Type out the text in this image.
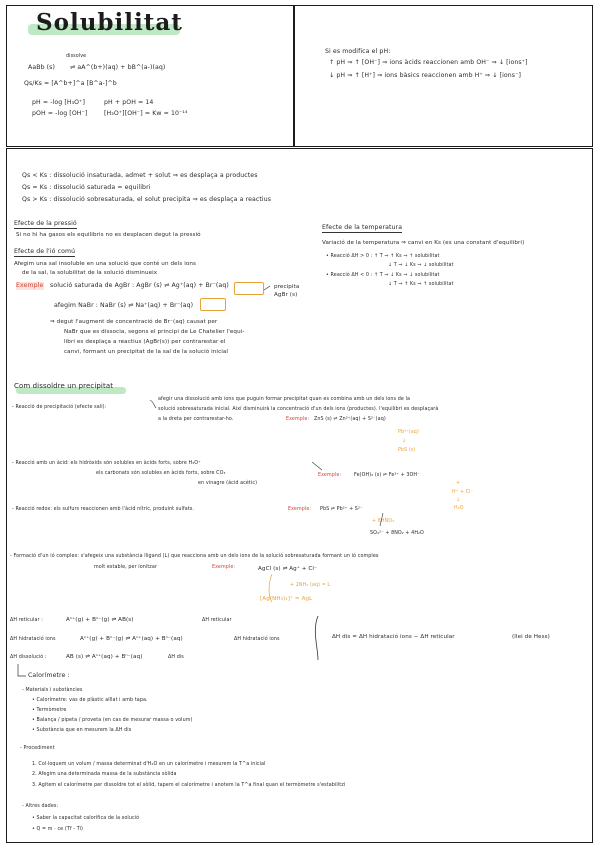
Solubilitat
dissolve
AaBb (s) ⇌ aA^(b+)(aq) + bB^(a-)(aq)
Qs/Ks = [A^b+]^a [B^a-]^b
pH = -log [H₃O⁺]	pH + pOH = 14
pOH = -log [OH⁻]	[H₃O⁺][OH⁻] = Kw = 10⁻¹⁴
Si es modifica el pH:
↑ pH ⇒ ↑ [OH⁻] ⇒ ions àcids reaccionen amb OH⁻ ⇒ ↓ [ions⁺]
↓ pH ⇒ ↑ [H⁺] ⇒ ions bàsics reaccionen amb H⁺ ⇒ ↓ [ions⁻]
Qs < Ks : dissolució insaturada, admet + solut ⇒ es desplaça a productes
Qs = Ks : dissolució saturada = equilibri
Qs > Ks : dissolució sobresaturada, el solut precipita ⇒ es desplaça a reactius
Efecte de la pressió
Si no hi ha gasos els equilibris no es desplacen degut la pressió
Efecte de l'ió comú
Afegim una sal insoluble en una solució que conté un dels ions
de la sal, la solubilitat de la solució disminueix
Exemple solució saturada de AgBr : AgBr (s) ⇌ Ag⁺(aq) + Br⁻(aq)	precipita AgBr (s)
afegim NaBr : NaBr (s) ⇌ Na⁺(aq) + Br⁻(aq)
⇒ degut l'augment de concentració de Br⁻(aq) causat per
NaBr que es dissocia, segons el principi de Le Chatelier l'equi-
libri es desplaça a reactius (AgBr(s)) per contrarestar el
canvi, formant un precipitat de la sal de la solució inicial
Efecte de la temperatura
Variació de la temperatura ⇒ canvi en Ks (es una constant d'equilibri)
• Reacció ΔH > 0 : ↑ T ⇒ ↑ Ks ⇒ ↑ solubilitat
↓ T ⇒ ↓ Ks ⇒ ↓ solubilitat
• Reacció ΔH < 0 : ↑ T ⇒ ↓ Ks ⇒ ↓ solubilitat
↓ T ⇒ ↑ Ks ⇒ ↑ solubilitat
Com dissoldre un precipitat
- Reacció de precipitació (efecte salí):
afegir una dissolució amb ions que puguin formar precipitat quan es combina amb un dels ions de la
solució sobresaturada inicial. Així disminuirà la concentració d'un dels ions (productes). l'equilibri es desplaçarà
a la dreta per contrarestar-ho.	Exemple: ZnS (s) ⇌ Zn²⁺(aq) + S²⁻(aq)
Pb²⁺(aq)
↓
PbS (s)
- Reacció amb un àcid: els hidròxids són solubles en àcids forts, sobre H₃O⁺
els carbonats són solubles en àcids forts, sobre CO₃
en vinagre (àcid acètic)
Exemple:	Fe(OH)₃ (s) ⇌ Fe³⁺ + 3OH⁻
+
H⁺ + Cl⁻
↓
H₂O
- Reacció redox: els sulfurs reaccionen amb l'àcid nítric, produint sulfats.	Exemple: PbS ⇌ Pb²⁺ + S²⁻
+ 8HNO₃
SO₄²⁻ + 8NO₂ + 4H₂O
- Formació d'un ió complex: s'afegeix una substància lligand (L) que reacciona amb un dels ions de la solució sobresaturada formant un ió complex
molt estable, per ionitzar	Exemple:	AgCl (s) ⇌ Ag⁺ + Cl⁻
+ 2NH₃ (aq) = L
[Ag(NH₃)₂]⁺ = AgL
ΔH reticular :	Aⁿ⁺(g) + Bⁿ⁻(g) ⇌ AB(s)	ΔH reticular
ΔH hidratació ions	Aⁿ⁺(g) + Bⁿ⁻(g) ⇌ Aⁿ⁺(aq) + Bⁿ⁻(aq)	ΔH hidratació ions
ΔH dissolució :	AB (s) ⇌ Aⁿ⁺(aq) + Bⁿ⁻(aq)	ΔH dis
ΔH dis = ΔH hidratació ions − ΔH reticular	(llei de Hess)
Calorímetre :
- Materials i substàncies
• Calorímetre: vas de plàstic aïllat i amb tapa.
• Termòmetre
• Balança / pipeta / proveta (en cas de mesurar massa o volum)
• Substància que en mesurem la ΔH dis
- Procediment
1. Col·loquem un volum / massa determinat d'H₂O en un calorímetre i mesurem la T^a inicial
2. Afegim una determinada massa de la substància sòlida
3. Agitem el calorímetre per dissoldre tot el sòlid, tapem el calorímetre i anotem la T^a final quan el termòmetre s'estabilitzi
- Altres dades:
• Saber la capacitat calorífica de la solució
• Q = m · ce (Tf - Ti)
